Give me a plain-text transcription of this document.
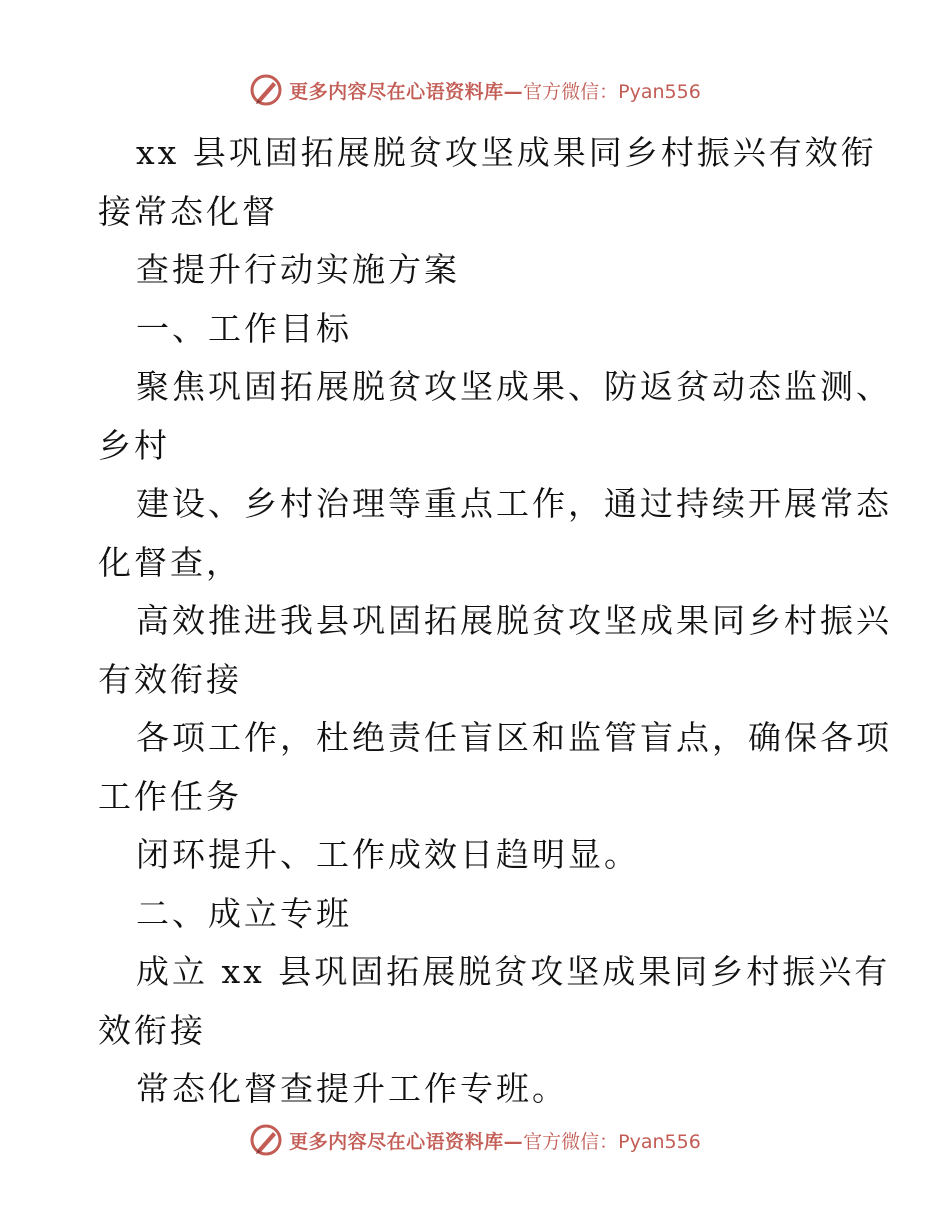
更多内容尽在心语资料库— 官方微信：Pyan556
xx 县巩固拓展脱贫攻坚成果同乡村振兴有效衔
接常态化督
查提升行动实施方案
一、工作目标
聚焦巩固拓展脱贫攻坚成果、防返贫动态监测、
乡村
建设、乡村治理等重点工作，通过持续开展常态
化督查，
高效推进我县巩固拓展脱贫攻坚成果同乡村振兴
有效衔接
各项工作，杜绝责任盲区和监管盲点，确保各项
工作任务
闭环提升、工作成效日趋明显。
二、成立专班
成立 xx 县巩固拓展脱贫攻坚成果同乡村振兴有
效衔接
常态化督查提升工作专班。
更多内容尽在心语资料库— 官方微信：Pyan556
